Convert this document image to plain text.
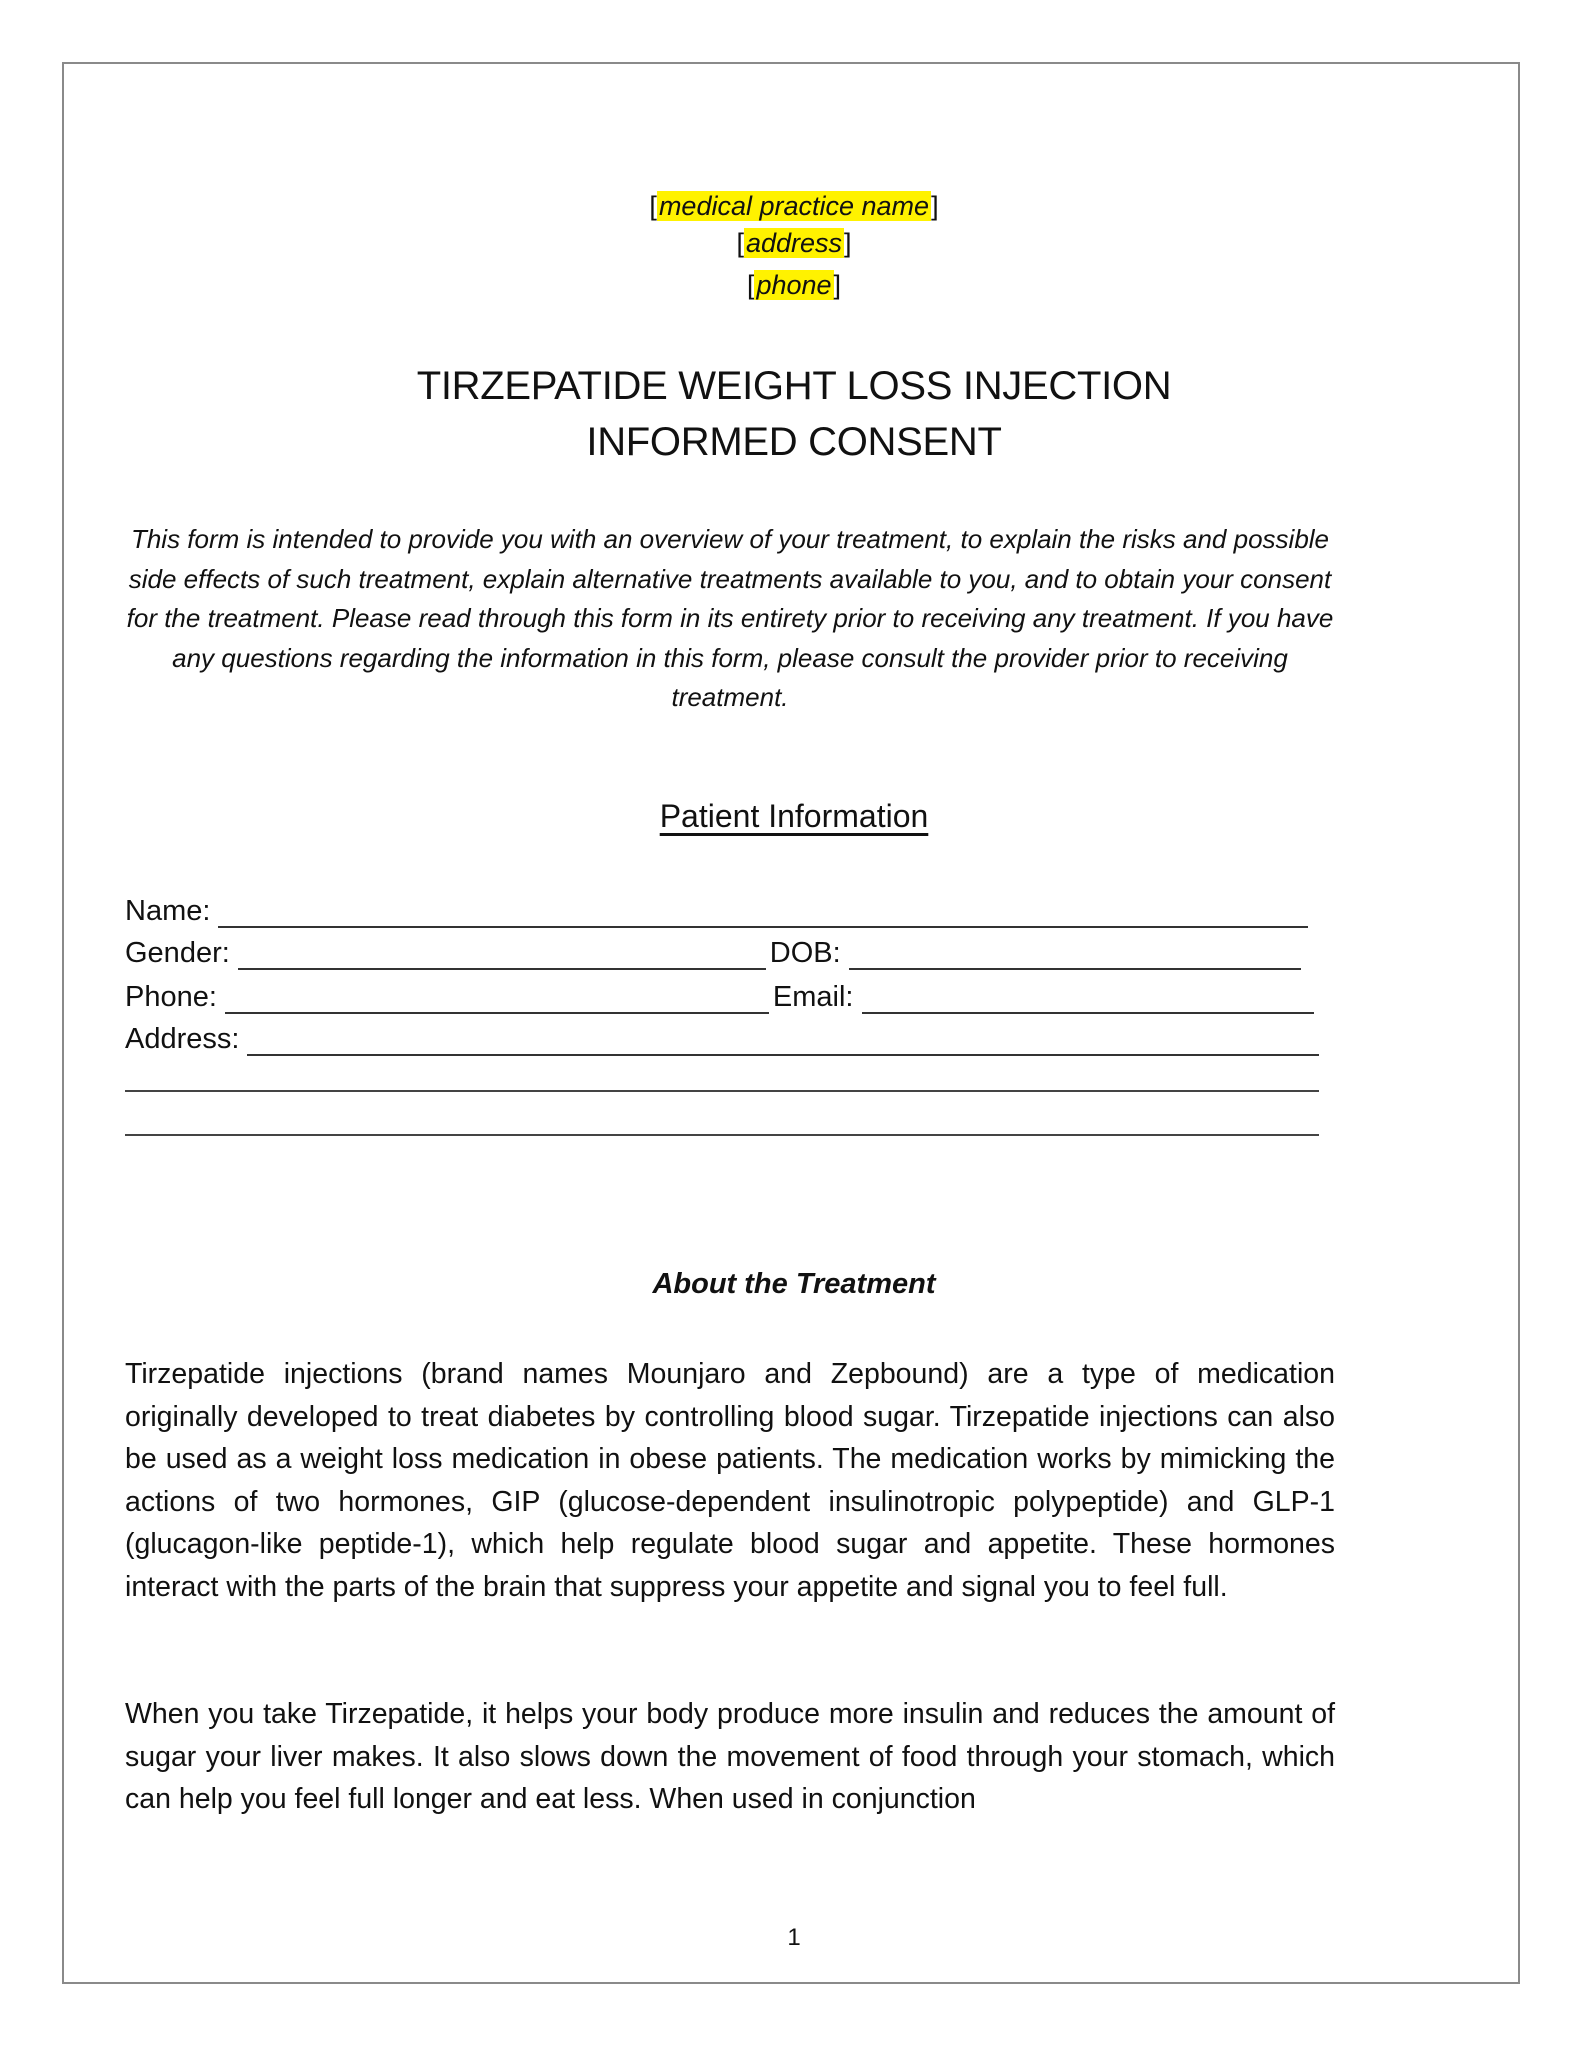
[medical practice name]
[address]
[phone]
TIRZEPATIDE WEIGHT LOSS INJECTION
INFORMED CONSENT
This form is intended to provide you with an overview of your treatment, to explain the risks and possible side effects of such treatment, explain alternative treatments available to you, and to obtain your consent for the treatment. Please read through this form in its entirety prior to receiving any treatment. If you have any questions regarding the information in this form, please consult the provider prior to receiving treatment.
Patient Information
Name:
Gender:	DOB:
Phone:	Email:
Address:
About the Treatment
Tirzepatide injections (brand names Mounjaro and Zepbound) are a type of medication originally developed to treat diabetes by controlling blood sugar. Tirzepatide injections can also be used as a weight loss medication in obese patients. The medication works by mimicking the actions of two hormones, GIP (glucose-dependent insulinotropic polypeptide) and GLP-1 (glucagon-like peptide-1), which help regulate blood sugar and appetite. These hormones interact with the parts of the brain that suppress your appetite and signal you to feel full.
When you take Tirzepatide, it helps your body produce more insulin and reduces the amount of sugar your liver makes. It also slows down the movement of food through your stomach, which can help you feel full longer and eat less. When used in conjunction
1
